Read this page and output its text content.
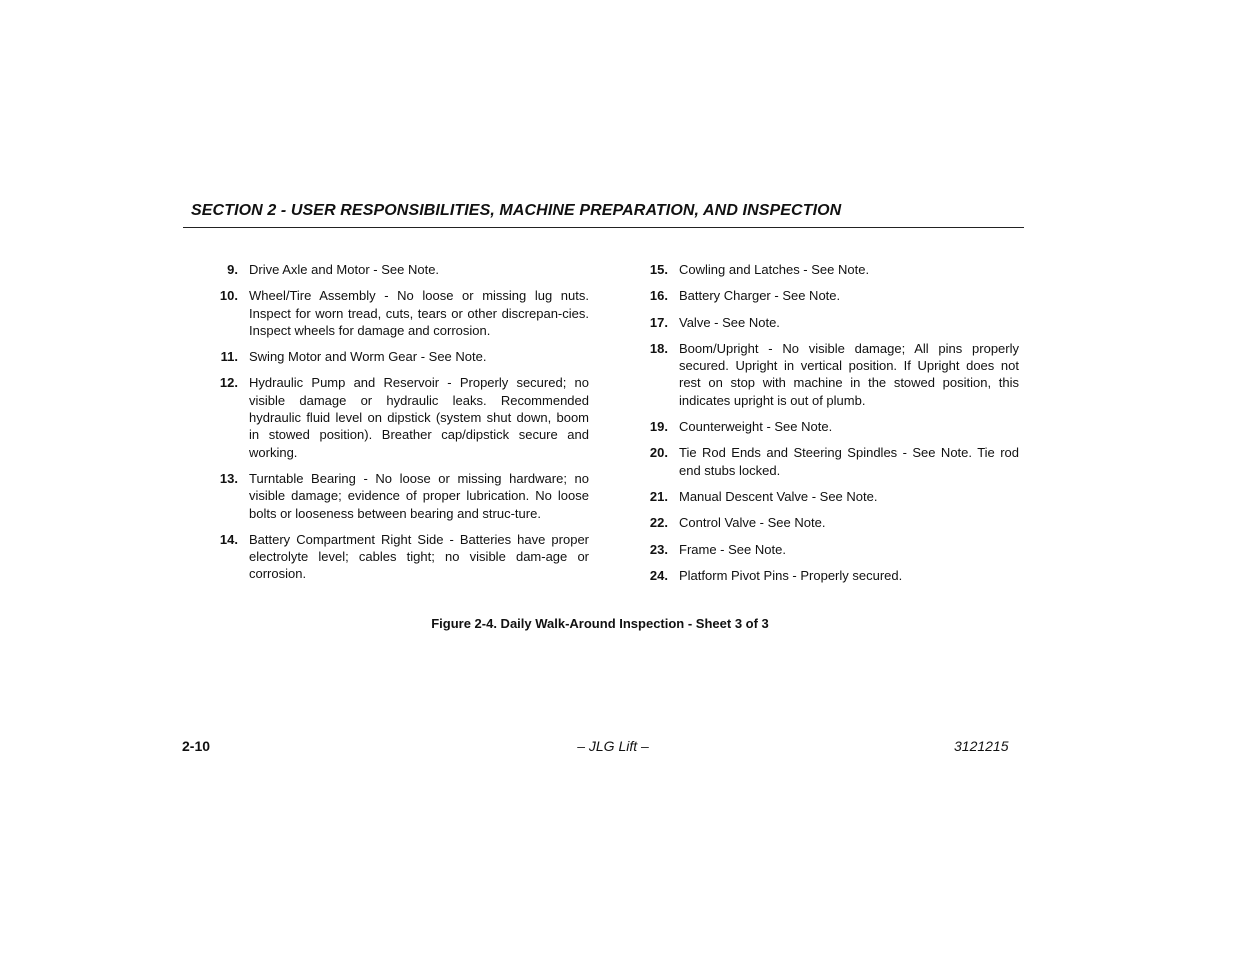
SECTION 2 - USER RESPONSIBILITIES, MACHINE PREPARATION, AND INSPECTION
9. Drive Axle and Motor - See Note.
10. Wheel/Tire Assembly - No loose or missing lug nuts. Inspect for worn tread, cuts, tears or other discrepan-cies. Inspect wheels for damage and corrosion.
11. Swing Motor and Worm Gear - See Note.
12. Hydraulic Pump and Reservoir - Properly secured; no visible damage or hydraulic leaks. Recommended hydraulic fluid level on dipstick (system shut down, boom in stowed position). Breather cap/dipstick secure and working.
13. Turntable Bearing - No loose or missing hardware; no visible damage; evidence of proper lubrication. No loose bolts or looseness between bearing and struc-ture.
14. Battery Compartment Right Side - Batteries have proper electrolyte level; cables tight; no visible dam-age or corrosion.
15. Cowling and Latches - See Note.
16. Battery Charger - See Note.
17. Valve - See Note.
18. Boom/Upright - No visible damage; All pins properly secured. Upright in vertical position. If Upright does not rest on stop with machine in the stowed position, this indicates upright is out of plumb.
19. Counterweight - See Note.
20. Tie Rod Ends and Steering Spindles - See Note. Tie rod end stubs locked.
21. Manual Descent Valve - See Note.
22. Control Valve - See Note.
23. Frame - See Note.
24. Platform Pivot Pins - Properly secured.
Figure 2-4. Daily Walk-Around Inspection - Sheet 3 of 3
2-10	– JLG Lift –	3121215
